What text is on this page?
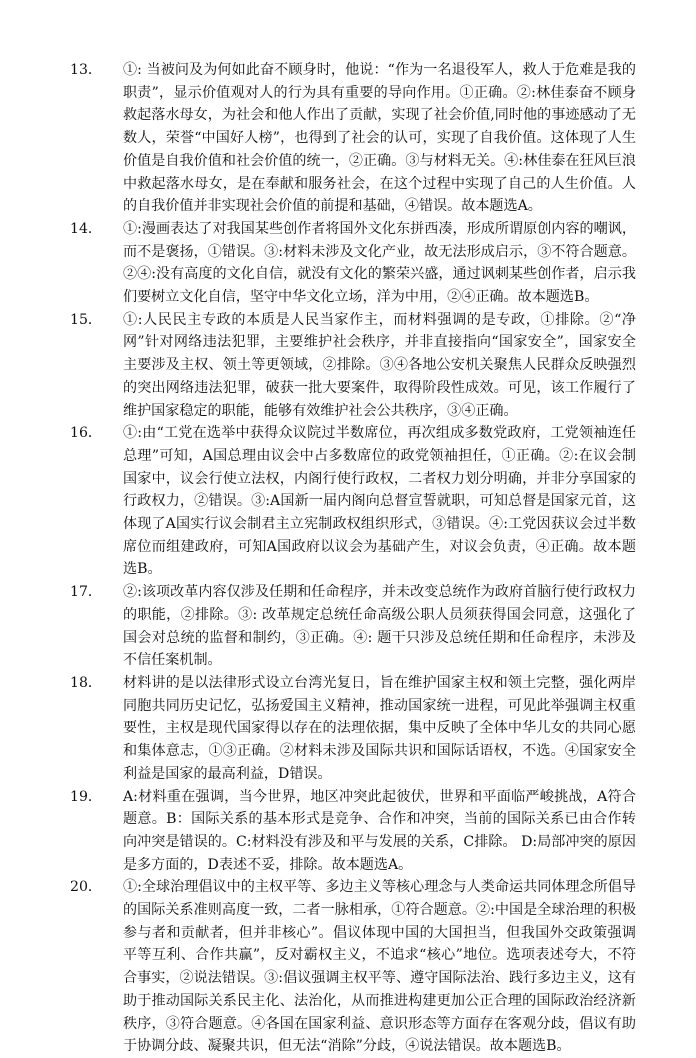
13．	①: 当被问及为何如此奋不顾身时，他说：“作为一名退役军人，救人于危难是我的职责”，显示价值观对人的行为具有重要的导向作用。①正确。②:林佳泰奋不顾身救起落水母女，为社会和他人作出了贡献，实现了社会价值,同时他的事迹感动了无数人，荣誉“中国好人榜”，也得到了社会的认可，实现了自我价值。这体现了人生价值是自我价值和社会价值的统一，②正确。③与材料无关。④:林佳泰在狂风巨浪中救起落水母女，是在奉献和服务社会，在这个过程中实现了自己的人生价值。人的自我价值并非实现社会价值的前提和基础，④错误。故本题选A。
14．	①:漫画表达了对我国某些创作者将国外文化东拼西凑，形成所谓原创内容的嘲讽，而不是褒扬，①错误。③:材料未涉及文化产业，故无法形成启示，③不符合题意。②④:没有高度的文化自信，就没有文化的繁荣兴盛，通过讽刺某些创作者，启示我们要树立文化自信，坚守中华文化立场，洋为中用，②④正确。故本题选B。
15．	①:人民民主专政的本质是人民当家作主，而材料强调的是专政，①排除。②“净网”针对网络违法犯罪，主要维护社会秩序，并非直接指向“国家安全”，国家安全主要涉及主权、领土等更领域，②排除。③④各地公安机关聚焦人民群众反映强烈的突出网络违法犯罪，破获一批大要案件，取得阶段性成效。可见，该工作履行了维护国家稳定的职能，能够有效维护社会公共秩序，③④正确。
16．	①:由“工党在选举中获得众议院过半数席位，再次组成多数党政府，工党领袖连任总理”可知，A国总理由议会中占多数席位的政党领袖担任，①正确。②:在议会制国家中，议会行使立法权，内阁行使行政权，二者权力划分明确，并非分享国家的行政权力，②错误。③:A国新一届内阁向总督宣誓就职，可知总督是国家元首，这体现了A国实行议会制君主立宪制政权组织形式，③错误。④:工党因获议会过半数席位而组建政府，可知A国政府以议会为基础产生，对议会负责，④正确。故本题选B。
17．	②:该项改革内容仅涉及任期和任命程序，并未改变总统作为政府首脑行使行政权力的职能，②排除。③: 改革规定总统任命高级公职人员须获得国会同意，这强化了国会对总统的监督和制约，③正确。④: 题干只涉及总统任期和任命程序，未涉及不信任案机制。
18．	材料讲的是以法律形式设立台湾光复日，旨在维护国家主权和领土完整，强化两岸同胞共同历史记忆，弘扬爱国主义精神，推动国家统一进程，可见此举强调主权重要性，主权是现代国家得以存在的法理依据，集中反映了全体中华儿女的共同心愿和集体意志，①③正确。②材料未涉及国际共识和国际话语权，不选。④国家安全利益是国家的最高利益，D错误。
19．	A:材料重在强调，当今世界，地区冲突此起彼伏，世界和平面临严峻挑战，A符合题意。B：国际关系的基本形式是竞争、合作和冲突，当前的国际关系已由合作转向冲突是错误的。C:材料没有涉及和平与发展的关系，C排除。 D:局部冲突的原因是多方面的，D表述不妥，排除。故本题选A。
20．	①:全球治理倡议中的主权平等、多边主义等核心理念与人类命运共同体理念所倡导的国际关系准则高度一致，二者一脉相承，①符合题意。②:中国是全球治理的积极参与者和贡献者，但并非核心”。倡议体现中国的大国担当，但我国外交政策强调平等互利、合作共赢”，反对霸权主义，不追求“核心”地位。选项表述夸大，不符合事实，②说法错误。③:倡议强调主权平等、遵守国际法治、践行多边主义，这有助于推动国际关系民主化、法治化，从而推进构建更加公正合理的国际政治经济新秩序，③符合题意。④各国在国家利益、意识形态等方面存在客观分歧，倡议有助于协调分歧、凝聚共识，但无法“消除”分歧，④说法错误。故本题选B。
